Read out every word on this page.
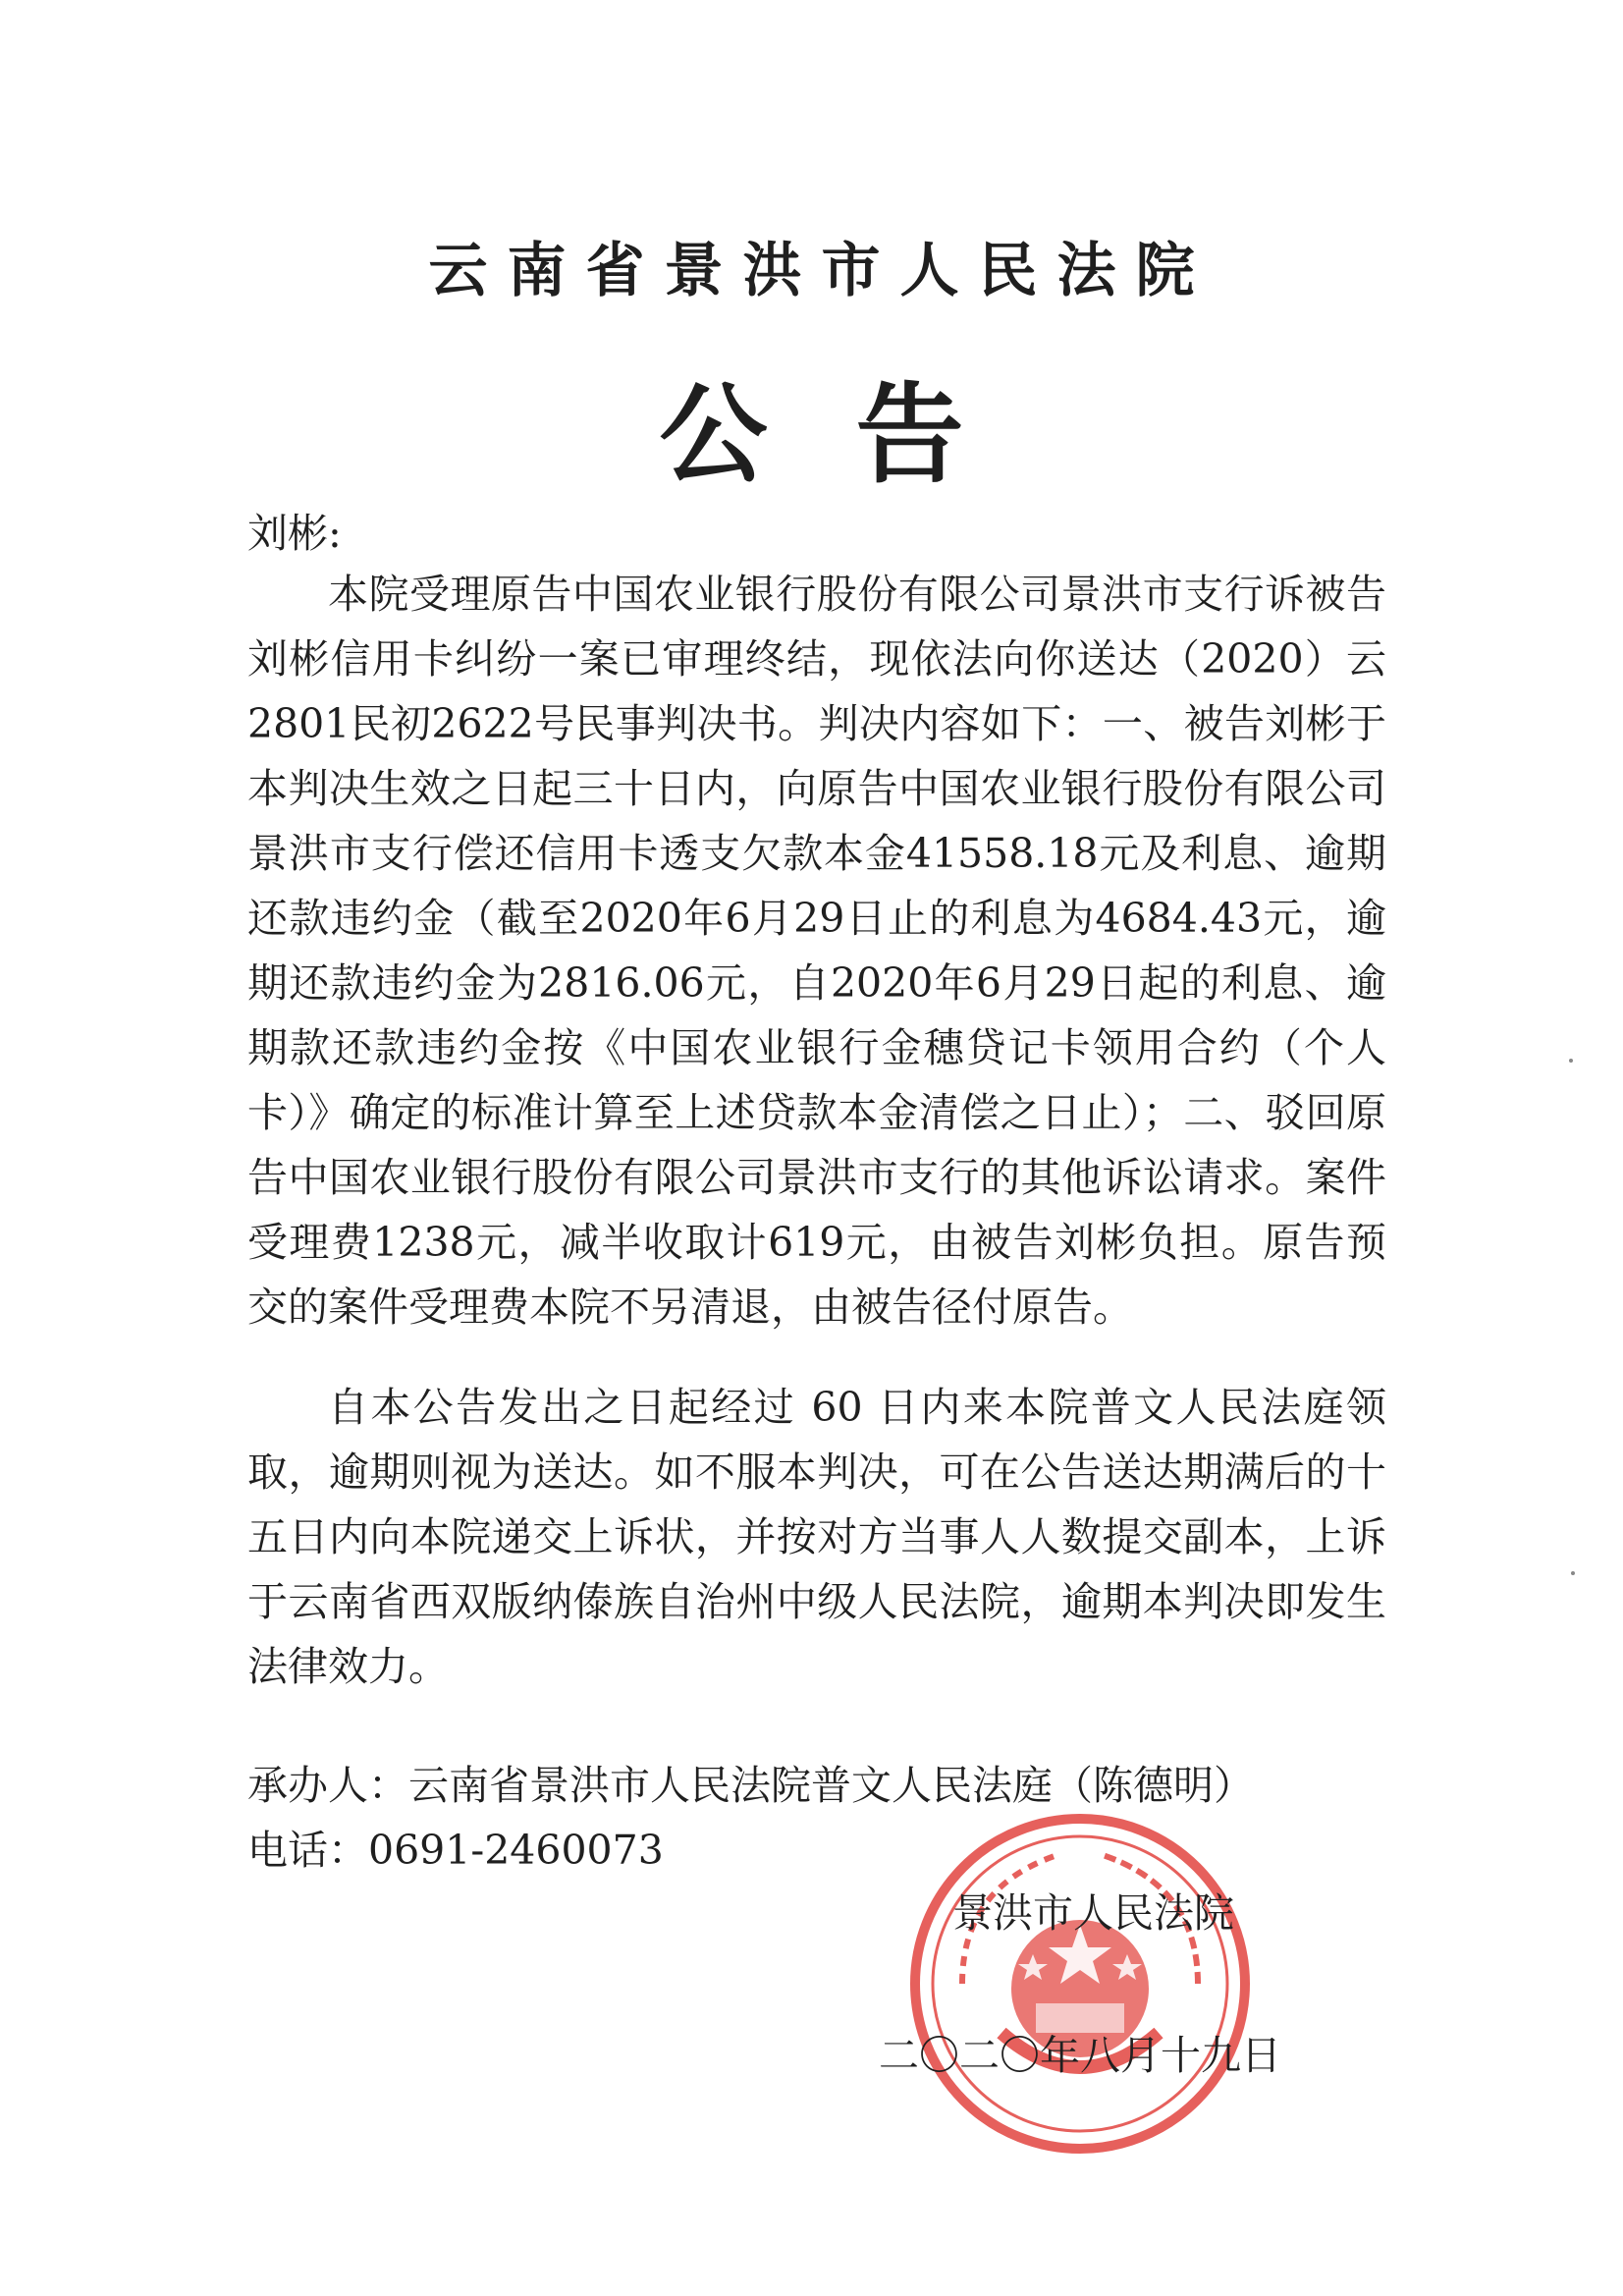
云南省景洪市人民法院
公告
刘彬:

本院受理原告中国农业银行股份有限公司景洪市支行诉被告刘彬信用卡纠纷一案已审理终结，现依法向你送达（2020）云2801民初2622号民事判决书。判决内容如下：一、被告刘彬于本判决生效之日起三十日内，向原告中国农业银行股份有限公司景洪市支行偿还信用卡透支欠款本金41558.18元及利息、逾期还款违约金（截至2020年6月29日止的利息为4684.43元，逾期还款违约金为2816.06元，自2020年6月29日起的利息、逾期款还款违约金按《中国农业银行金穗贷记卡领用合约（个人卡）》确定的标准计算至上述贷款本金清偿之日止）；二、驳回原告中国农业银行股份有限公司景洪市支行的其他诉讼请求。案件受理费1238元，减半收取计619元，由被告刘彬负担。原告预交的案件受理费本院不另清退，由被告径付原告。

自本公告发出之日起经过 60 日内来本院普文人民法庭领取，逾期则视为送达。如不服本判决，可在公告送达期满后的十五日内向本院递交上诉状，并按对方当事人人数提交副本，上诉于云南省西双版纳傣族自治州中级人民法院，逾期本判决即发生法律效力。

承办人：云南省景洪市人民法院普文人民法庭（陈德明）
电话：0691-2460073
景洪市人民法院
二〇二〇年八月十九日
